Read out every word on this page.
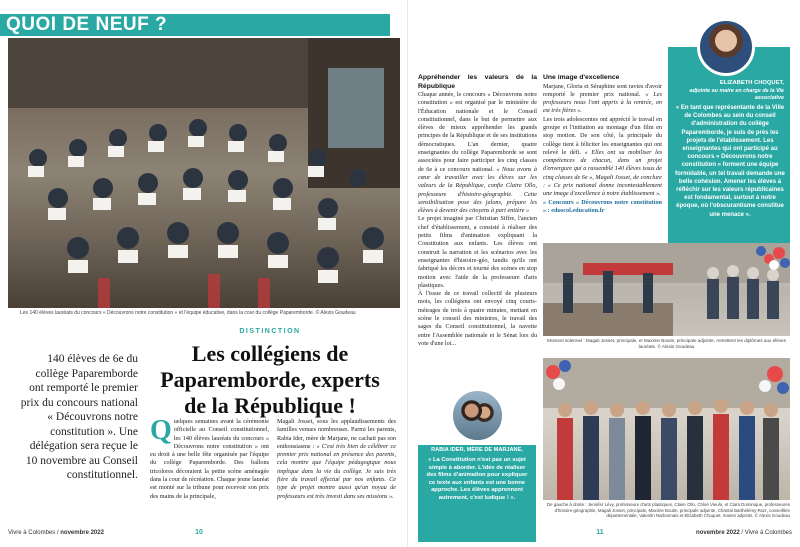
QUOI DE NEUF ?
Les 140 élèves lauréats du concours « Découvrons notre constitution » et l'équipe éducative, dans la cour du collège Paparemborde. © Alexis Goudeau
DISTINCTION
Les collégiens de Paparemborde, experts de la République !
140 élèves de 6e du collège Paparemborde ont remporté le premier prix du concours national « Découvrons notre constitution ». Une délégation sera reçue le 10 novembre au Conseil constitutionnel.
Q uelques semaines avant la cérémonie officielle au Conseil constitutionnel, les 140 élèves lauréats du concours « Découvrons notre constitution » ont eu droit à une belle fête organisée par l'équipe du collège Paparemborde. Des ballons tricolores décoraient la petite scène aménagée dans la cour de récréation. Chaque jeune lauréat est monté sur la tribune pour recevoir son prix des mains de la principale,
Magali Josset, sous les applaudissements des familles venues nombreuses. Parmi les parents, Rabia Ider, mère de Marjane, ne cachait pas son enthousiasme : « C'est très bien de célébrer ce premier prix national en présence des parents, cela montre que l'équipe pédagogique nous implique dans la vie du collège. Je suis très fière du travail effectué par nos enfants. Ce type de projet montre aussi qu'un noyau de professeurs est très investi dans ses missions ».
Appréhender les valeurs de la République
Chaque année, le concours « Découvrons notre constitution » est organisé par le ministère de l'Éducation nationale et le Conseil constitutionnel, dans le but de permettre aux élèves de mieux appréhender les grands principes de la République et de ses institutions démocratiques. L'an dernier, quatre enseignantes du collège Paparemborde se sont associées pour faire participer les cinq classes de 6e à ce concours national. « Nous avons à cœur de travailler avec les élèves sur les valeurs de la République, confie Claire Ollo, professeure d'histoire-géographie. Cette sensibilisation pose des jalons, prépare les élèves à devenir des citoyens à part entière »
Le projet imaginé par Christian Siffre, l'ancien chef d'établissement, a consisté à réaliser des petits films d'animation expliquant la Constitution aux enfants. Les élèves ont construit la narration et les scénarios avec les enseignantes d'histoire-géo, tandis qu'ils ont fabriqué les décors et tourné des scènes en stop motion avec l'aide de la professeure d'arts plastiques.
À l'issue de ce travail collectif de plusieurs mois, les collégiens ont envoyé cinq courts-métrages de trois à quatre minutes, mettant en scène le conseil des ministres, le travail des sages du Conseil constitutionnel, la navette entre l'Assemblée nationale et le Sénat lors du vote d'une loi...
Une image d'excellence
Marjane, Gloria et Séraphine sont ravies d'avoir remporté le premier prix national. « Les professeurs nous l'ont appris à la rentrée, on est très fières ».
Les trois adolescentes ont apprécié le travail en groupe et l'initiation au montage d'un film en stop motion. De son côté, la principale du collège tient à féliciter les enseignantes qui ont relevé le défi. « Elles ont su mobiliser les compétences de chacun, dans un projet d'envergure qui a rassemblé 140 élèves issus de cinq classes de 6e », Magali Josset, de conclure : « Ce prix national donne incontestablement une image d'excellence à notre établissement ».
» Concours « Découvrons notre constitution » : eduscol.education.fr
ELIZABETH CHOQUET,
adjointe au maire en charge de la Vie associative
« En tant que représentante de la Ville de Colombes au sein du conseil d'administration du collège Paparemborde, je suis de près les projets de l'établissement. Les enseignantes qui ont participé au concours « Découvrons notre constitution » forment une équipe formidable, un tel travail demande une belle cohésion. Amener les élèves à réfléchir sur les valeurs républicaines est fondamental, surtout à notre époque, où l'obscurantisme constitue une menace ».
Moment solennel : Magali Josset, principale, et Maxime Boutin, principale adjointe, remettent les diplômes aux élèves lauréats. © Alexis Goudeau
De gauche à droite : Jennifer Lévy, professeure d'arts plastiques, Claire Ollo, Chloé Vieulo, et Clara Dominique, professeures d'histoire-géographie, Magali Josset, principale, Maxime Boutin, principale adjointe, Chantal Barthélémy-Ruiz, conseillère départementale, Valentin Narbonnais et Elizabeth Choquet, maires adjoints. © Alexis Goudeau
RABIA IDER, MÈRE DE MARJANE,
« La Constitution n'est pas un sujet simple à aborder. L'idée de réaliser des films d'animation pour expliquer ce texte aux enfants est une bonne approche. Les élèves apprennent autrement, c'est ludique ! ».
Vivre à Colombes / novembre 2022	10	11	novembre 2022 / Vivre à Colombes
